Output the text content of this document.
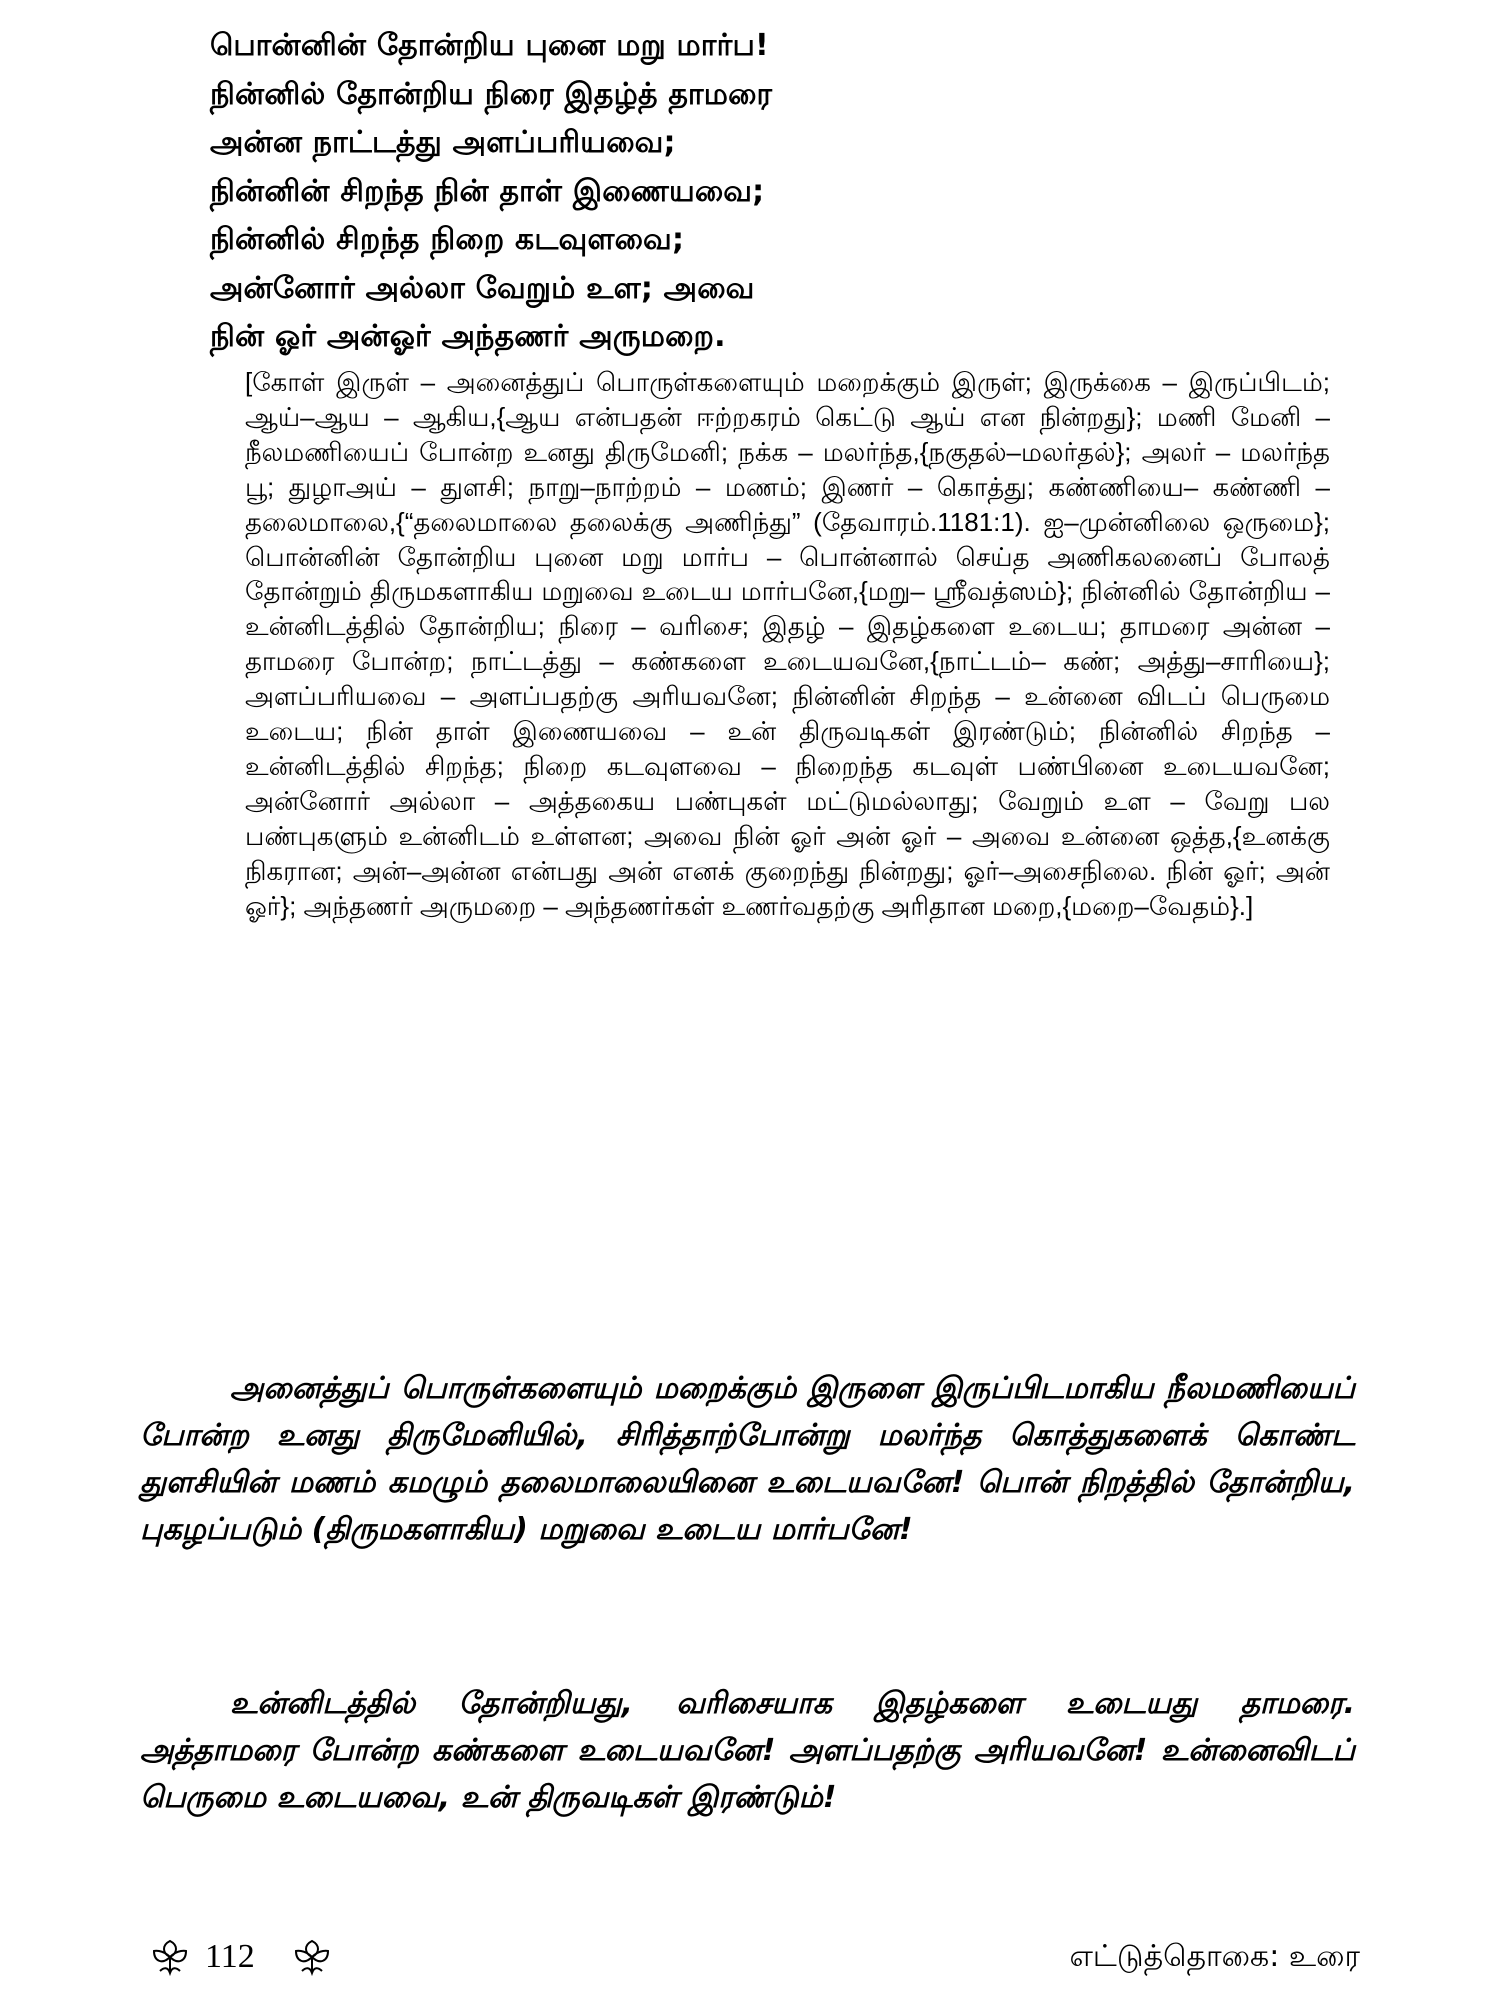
பொன்னின் தோன்றிய புனை மறு மார்ப!
நின்னில் தோன்றிய நிரை இதழ்த் தாமரை
அன்ன நாட்டத்து அளப்பரியவை;
நின்னின் சிறந்த நின் தாள் இணையவை;
நின்னில் சிறந்த நிறை கடவுளவை;
அன்னோர் அல்லா வேறும் உள; அவை
நின் ஓர் அன்ஓர் அந்தணர் அருமறை.
[கோள் இருள் – அனைத்துப் பொருள்களையும் மறைக்கும் இருள்; இருக்கை – இருப்பிடம்; ஆய்–ஆய – ஆகிய,{ஆய என்பதன் ஈற்றகரம் கெட்டு ஆய் என நின்றது}; மணி மேனி – நீலமணியைப் போன்ற உனது திருமேனி; நக்க – மலர்ந்த,{நகுதல்–மலர்தல்}; அலர் – மலர்ந்த பூ; துழாஅய் – துளசி; நாறு–நாற்றம் – மணம்; இணர் – கொத்து; கண்ணியை– கண்ணி – தலைமாலை,{“தலைமாலை தலைக்கு அணிந்து” (தேவாரம்.1181:1). ஐ–முன்னிலை ஒருமை}; பொன்னின் தோன்றிய புனை மறு மார்ப – பொன்னால் செய்த அணிகலனைப் போலத் தோன்றும் திருமகளாகிய மறுவை உடைய மார்பனே,{மறு– ஸ்ரீவத்ஸம்}; நின்னில் தோன்றிய – உன்னிடத்தில் தோன்றிய; நிரை – வரிசை; இதழ் – இதழ்களை உடைய; தாமரை அன்ன – தாமரை போன்ற; நாட்டத்து – கண்களை உடையவனே,{நாட்டம்– கண்; அத்து–சாரியை}; அளப்பரியவை – அளப்பதற்கு அரியவனே; நின்னின் சிறந்த – உன்னை விடப் பெருமை உடைய; நின் தாள் இணையவை – உன் திருவடிகள் இரண்டும்; நின்னில் சிறந்த – உன்னிடத்தில் சிறந்த; நிறை கடவுளவை – நிறைந்த கடவுள் பண்பினை உடையவனே; அன்னோர் அல்லா – அத்தகைய பண்புகள் மட்டுமல்லாது; வேறும் உள – வேறு பல பண்புகளும் உன்னிடம் உள்ளன; அவை நின் ஓர் அன் ஓர் – அவை உன்னை ஒத்த,{உனக்கு நிகரான; அன்–அன்ன என்பது அன் எனக் குறைந்து நின்றது; ஓர்–அசைநிலை. நின் ஓர்; அன் ஓர்}; அந்தணர் அருமறை – அந்தணர்கள் உணர்வதற்கு அரிதான மறை,{மறை–வேதம்}.]

அனைத்துப் பொருள்களையும் மறைக்கும் இருளை இருப்பிடமாகிய நீலமணியைப் போன்ற உனது திருமேனியில், சிரித்தாற்போன்று மலர்ந்த கொத்துகளைக் கொண்ட துளசியின் மணம் கமழும் தலைமாலையினை உடையவனே! பொன் நிறத்தில் தோன்றிய, புகழப்படும் (திருமகளாகிய) மறுவை உடைய மார்பனே!

உன்னிடத்தில் தோன்றியது, வரிசையாக இதழ்களை உடையது தாமரை. அத்தாமரை போன்ற கண்களை உடையவனே! அளப்பதற்கு அரியவனே! உன்னைவிடப் பெருமை உடையவை, உன் திருவடிகள் இரண்டும்!

112	எட்டுத்தொகை: உரை
